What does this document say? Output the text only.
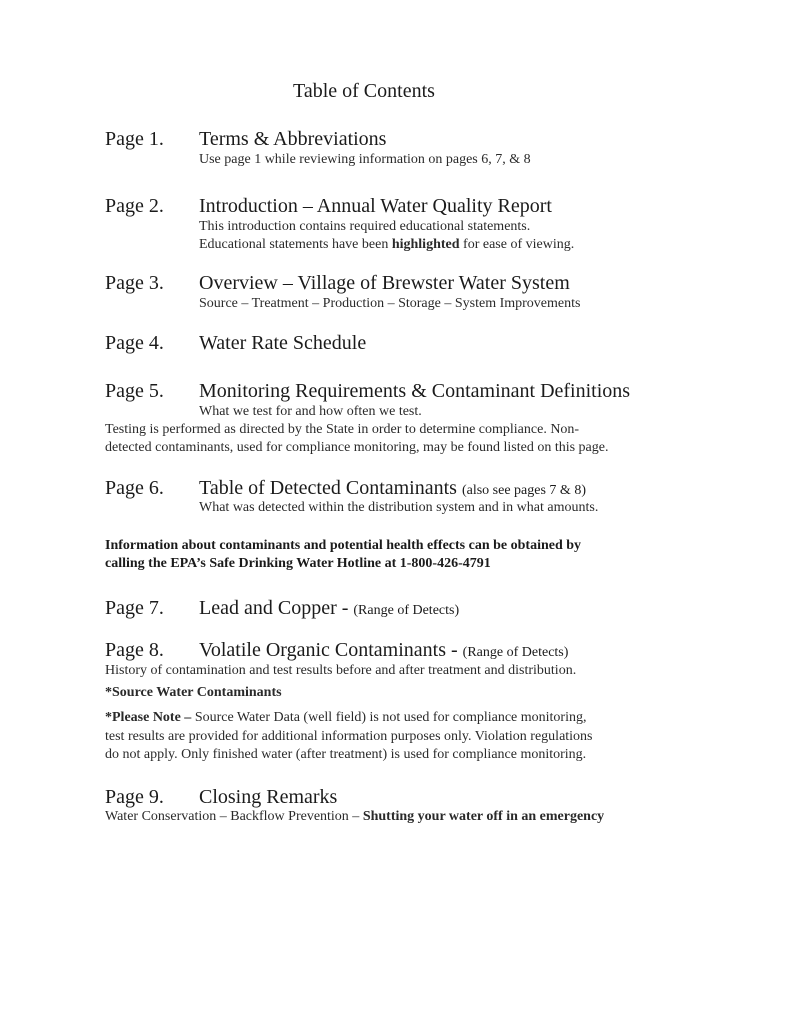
Table of Contents
Page 1. Terms & Abbreviations
Use page 1 while reviewing information on pages 6, 7, & 8
Page 2. Introduction – Annual Water Quality Report
This introduction contains required educational statements.
Educational statements have been highlighted for ease of viewing.
Page 3. Overview – Village of Brewster Water System
Source – Treatment – Production – Storage – System Improvements
Page 4. Water Rate Schedule
Page 5. Monitoring Requirements & Contaminant Definitions
What we test for and how often we test.
Testing is performed as directed by the State in order to determine compliance. Non-
detected contaminants, used for compliance monitoring, may be found listed on this page.
Page 6. Table of Detected Contaminants (also see pages 7 & 8)
What was detected within the distribution system and in what amounts.
Information about contaminants and potential health effects can be obtained by
calling the EPA’s Safe Drinking Water Hotline at 1-800-426-4791
Page 7. Lead and Copper - (Range of Detects)
Page 8. Volatile Organic Contaminants - (Range of Detects)
History of contamination and test results before and after treatment and distribution.
*Source Water Contaminants
*Please Note – Source Water Data (well field) is not used for compliance monitoring,
test results are provided for additional information purposes only. Violation regulations
do not apply. Only finished water (after treatment) is used for compliance monitoring.
Page 9. Closing Remarks
Water Conservation – Backflow Prevention – Shutting your water off in an emergency
